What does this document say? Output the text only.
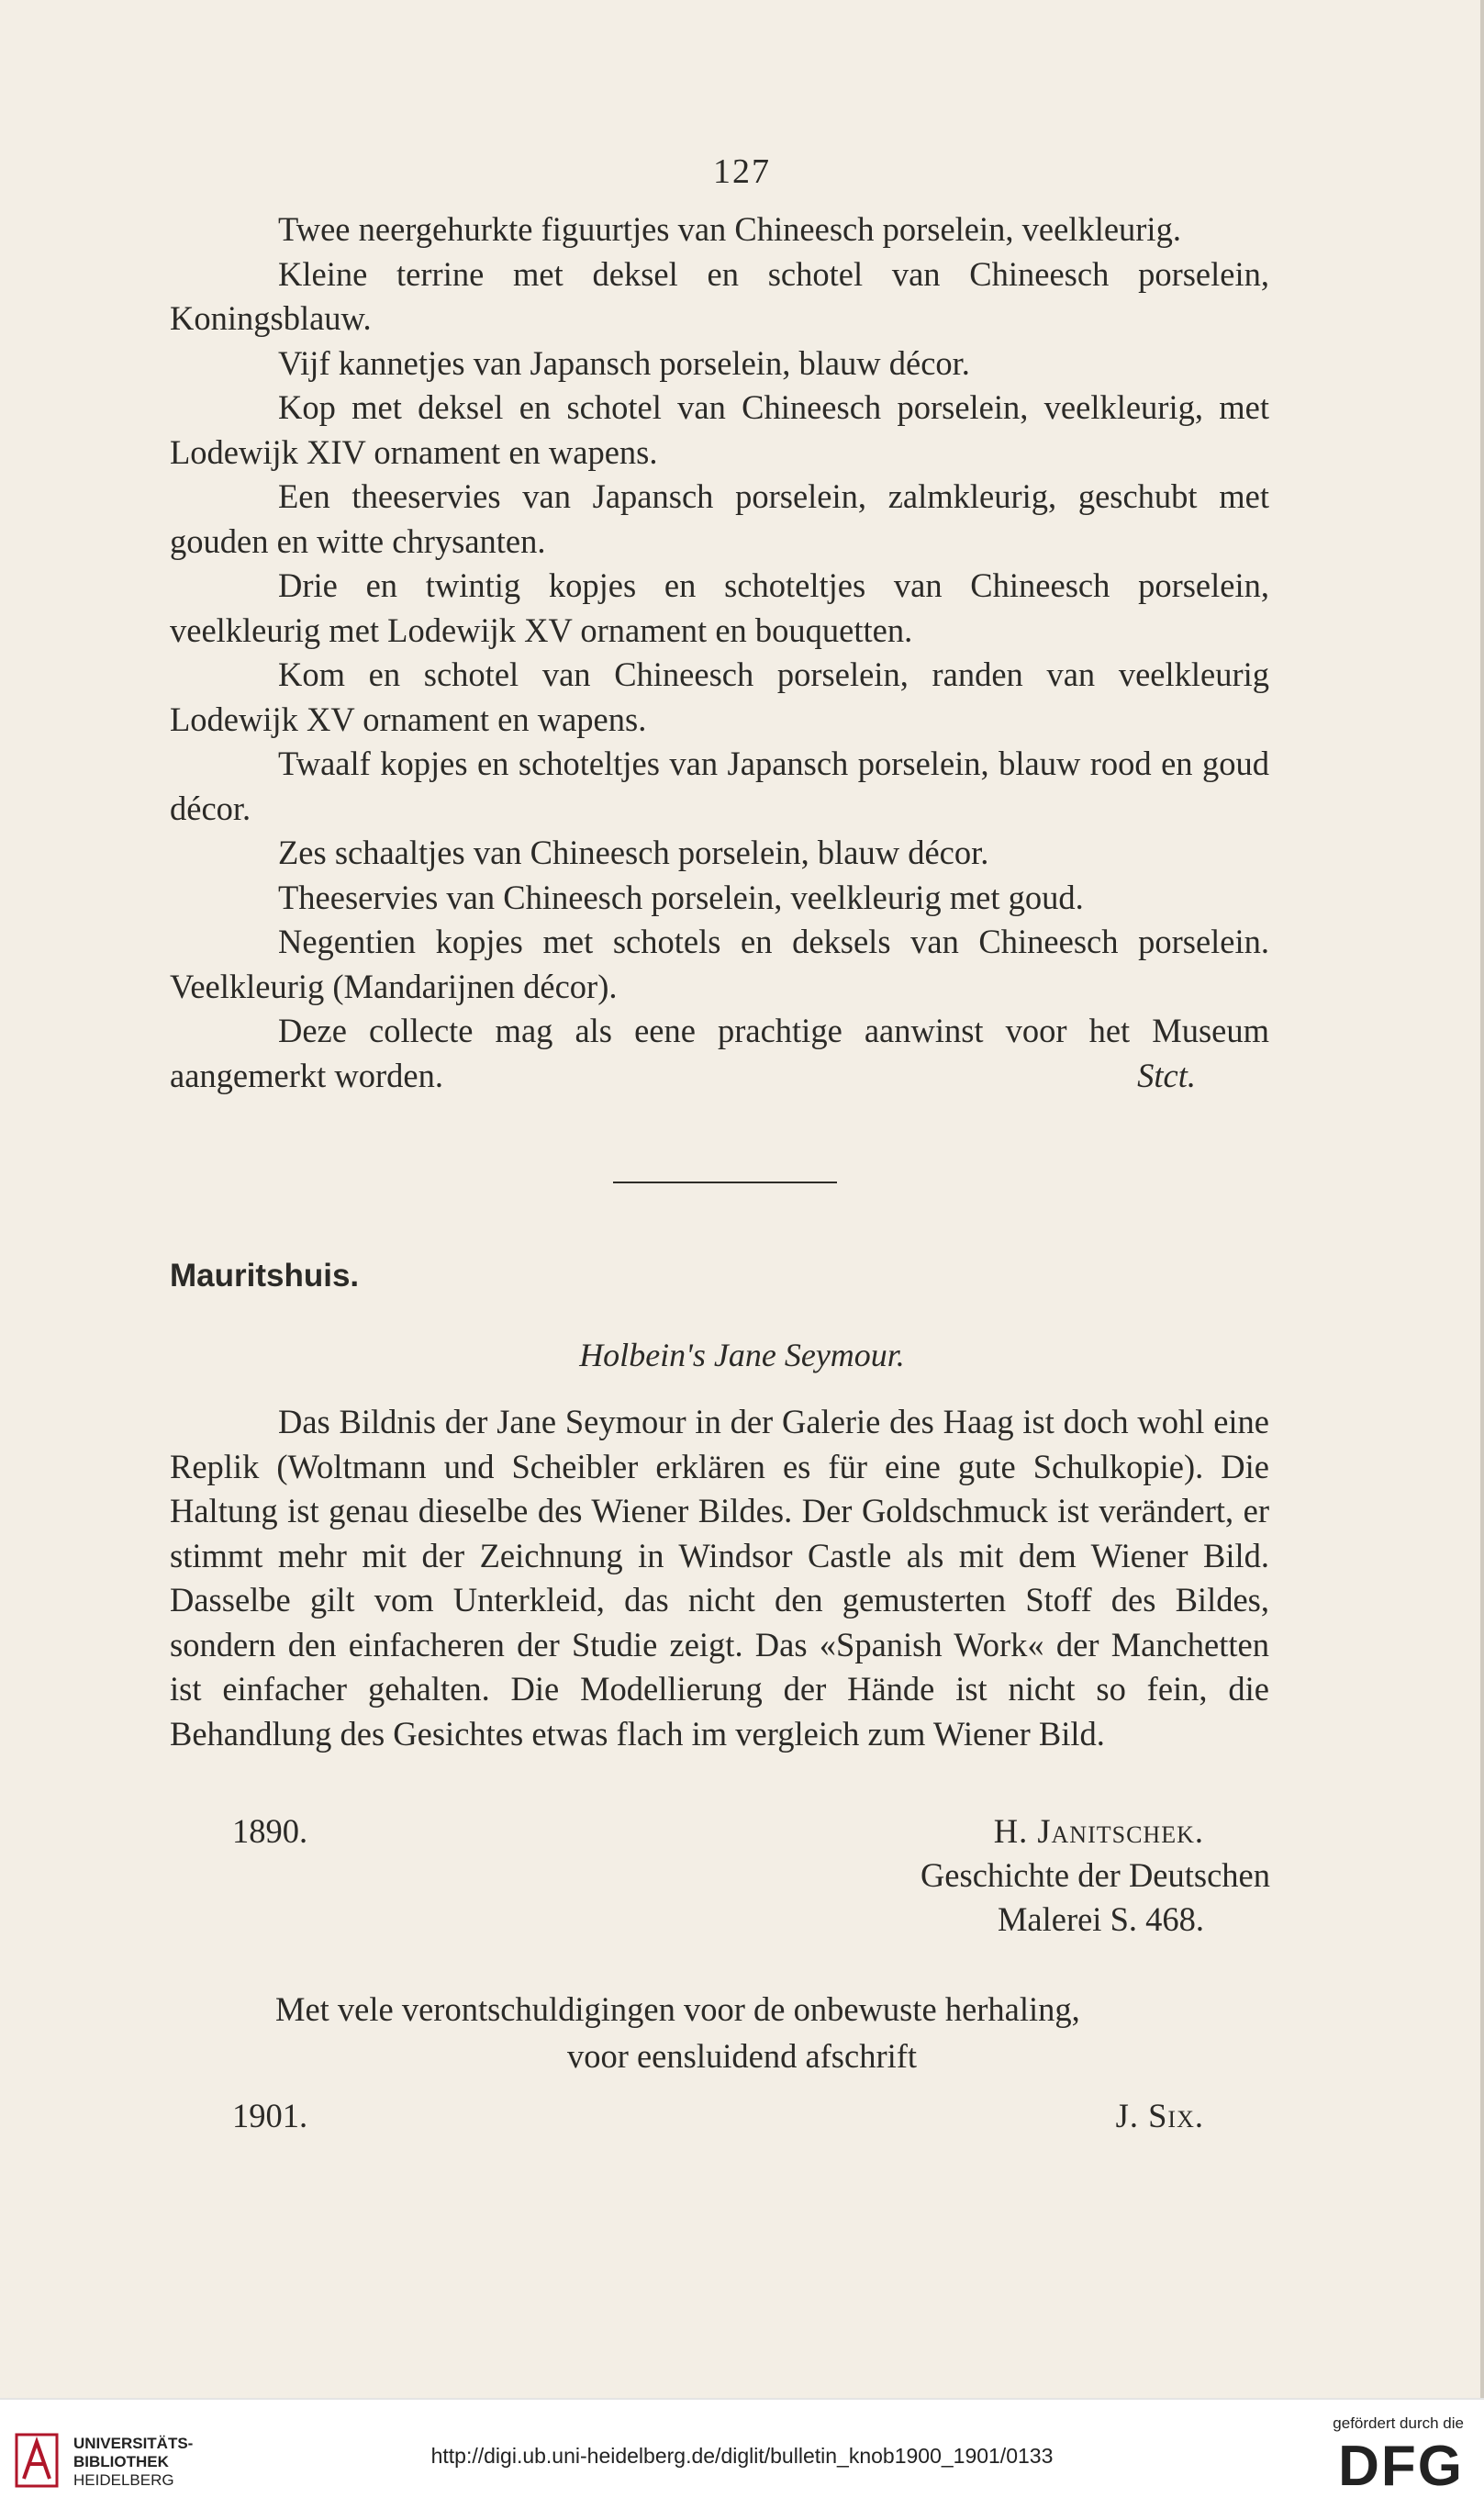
127

Twee neergehurkte figuurtjes van Chineesch porselein, veelkleurig.

Kleine terrine met deksel en schotel van Chineesch porselein, Koningsblauw.

Vijf kannetjes van Japansch porselein, blauw décor.

Kop met deksel en schotel van Chineesch porselein, veelkleurig, met Lodewijk XIV ornament en wapens.

Een theeservies van Japansch porselein, zalmkleurig, geschubt met gouden en witte chrysanten.

Drie en twintig kopjes en schoteltjes van Chineesch porselein, veelkleurig met Lodewijk XV ornament en bouquetten.

Kom en schotel van Chineesch porselein, randen van veelkleurig Lodewijk XV ornament en wapens.

Twaalf kopjes en schoteltjes van Japansch porselein, blauw rood en goud décor.

Zes schaaltjes van Chineesch porselein, blauw décor.

Theeservies van Chineesch porselein, veelkleurig met goud.

Negentien kopjes met schotels en deksels van Chineesch porselein. Veelkleurig (Mandarijnen décor).

Deze collecte mag als eene prachtige aanwinst voor het Museum aangemerkt worden.	Stct.

Mauritshuis.
Holbein's Jane Seymour.

Das Bildnis der Jane Seymour in der Galerie des Haag ist doch wohl eine Replik (Woltmann und Scheibler erklären es für eine gute Schulkopie). Die Haltung ist genau dieselbe des Wiener Bildes. Der Goldschmuck ist verändert, er stimmt mehr mit der Zeichnung in Windsor Castle als mit dem Wiener Bild. Dasselbe gilt vom Unterkleid, das nicht den gemusterten Stoff des Bildes, sondern den einfacheren der Studie zeigt. Das «Spanish Work« der Manchetten ist einfacher gehalten. Die Modellierung der Hände ist nicht so fein, die Behandlung des Gesichtes etwas flach im vergleich zum Wiener Bild.

1890.	H. Janitschek.
Geschichte der Deutschen
Malerei S. 468.
Met vele verontschuldigingen voor de onbewuste herhaling,
voor eensluidend afschrift
1901.	J. Six.
UNIVERSITÄTS-
BIBLIOTHEK
HEIDELBERG
http://digi.ub.uni-heidelberg.de/diglit/bulletin_knob1900_1901/0133
gefördert durch die
DFG
